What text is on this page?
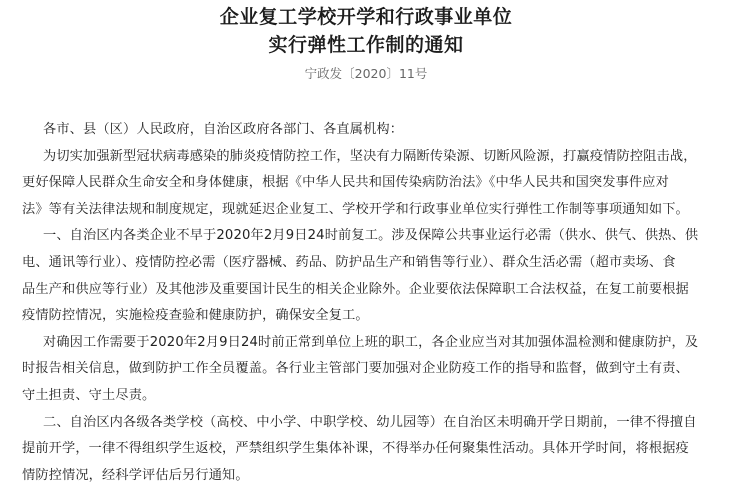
企业复工学校开学和行政事业单位
实行弹性工作制的通知
宁政发〔2020〕11号
各市、县（区）人民政府，自治区政府各部门、各直属机构：
为切实加强新型冠状病毒感染的肺炎疫情防控工作，坚决有力隔断传染源、切断风险源，打赢疫情防控阻击战，
更好保障人民群众生命安全和身体健康，根据《中华人民共和国传染病防治法》《中华人民共和国突发事件应对
法》等有关法律法规和制度规定，现就延迟企业复工、学校开学和行政事业单位实行弹性工作制等事项通知如下。
一、自治区内各类企业不早于2020年2月9日24时前复工。涉及保障公共事业运行必需（供水、供气、供热、供
电、通讯等行业）、疫情防控必需（医疗器械、药品、防护品生产和销售等行业）、群众生活必需（超市卖场、食
品生产和供应等行业）及其他涉及重要国计民生的相关企业除外。企业要依法保障职工合法权益，在复工前要根据
疫情防控情况，实施检疫查验和健康防护，确保安全复工。
对确因工作需要于2020年2月9日24时前正常到单位上班的职工，各企业应当对其加强体温检测和健康防护，及
时报告相关信息，做到防护工作全员覆盖。各行业主管部门要加强对企业防疫工作的指导和监督，做到守土有责、
守土担责、守土尽责。
二、自治区内各级各类学校（高校、中小学、中职学校、幼儿园等）在自治区未明确开学日期前，一律不得擅自
提前开学，一律不得组织学生返校，严禁组织学生集体补课，不得举办任何聚集性活动。具体开学时间，将根据疫
情防控情况，经科学评估后另行通知。
